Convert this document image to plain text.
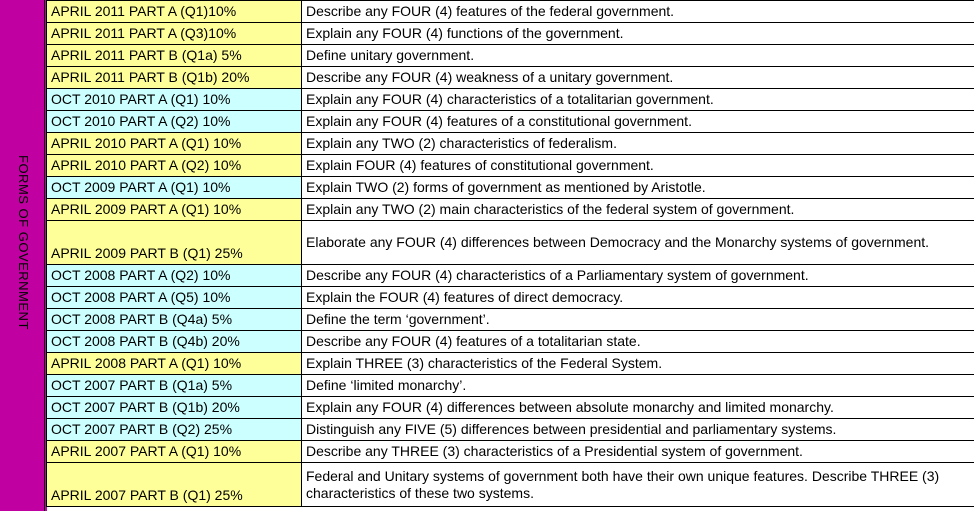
FORMS OF GOVERNMENT
APRIL 2011 PART A (Q1)10%	Describe any FOUR (4) features of the federal government.
APRIL 2011 PART A (Q3)10%	Explain any FOUR (4) functions of the government.
APRIL 2011 PART B (Q1a) 5%	Define unitary government.
APRIL 2011 PART B (Q1b) 20%	Describe any FOUR (4) weakness of a unitary government.
OCT 2010 PART A (Q1) 10%	Explain any FOUR (4) characteristics of a totalitarian government.
OCT 2010 PART A (Q2) 10%	Explain any FOUR (4) features of a constitutional government.
APRIL 2010 PART A (Q1) 10%	Explain any TWO (2) characteristics of federalism.
APRIL 2010 PART A (Q2) 10%	Explain FOUR (4) features of constitutional government.
OCT 2009 PART A (Q1) 10%	Explain TWO (2) forms of government as mentioned by Aristotle.
APRIL 2009 PART A (Q1) 10%	Explain any TWO (2) main characteristics of the federal system of government.
APRIL 2009 PART B (Q1) 25%	Elaborate any FOUR (4) differences between Democracy and the Monarchy systems of government.
OCT 2008 PART A (Q2) 10%	Describe any FOUR (4) characteristics of a Parliamentary system of government.
OCT 2008 PART A (Q5) 10%	Explain the FOUR (4) features of direct democracy.
OCT 2008 PART B (Q4a) 5%	Define the term ‘government’.
OCT 2008 PART B (Q4b) 20%	Describe any FOUR (4) features of a totalitarian state.
APRIL 2008 PART A (Q1) 10%	Explain THREE (3) characteristics of the Federal System.
OCT 2007 PART B (Q1a) 5%	Define ‘limited monarchy’.
OCT 2007 PART B (Q1b) 20%	Explain any FOUR (4) differences between absolute monarchy and limited monarchy.
OCT 2007 PART B (Q2) 25%	Distinguish any FIVE (5) differences between presidential and parliamentary systems.
APRIL 2007 PART A (Q1) 10%	Describe any THREE (3) characteristics of a Presidential system of government.
APRIL 2007 PART B (Q1) 25%	Federal and Unitary systems of government both have their own unique features. Describe THREE (3) characteristics of these two systems.
